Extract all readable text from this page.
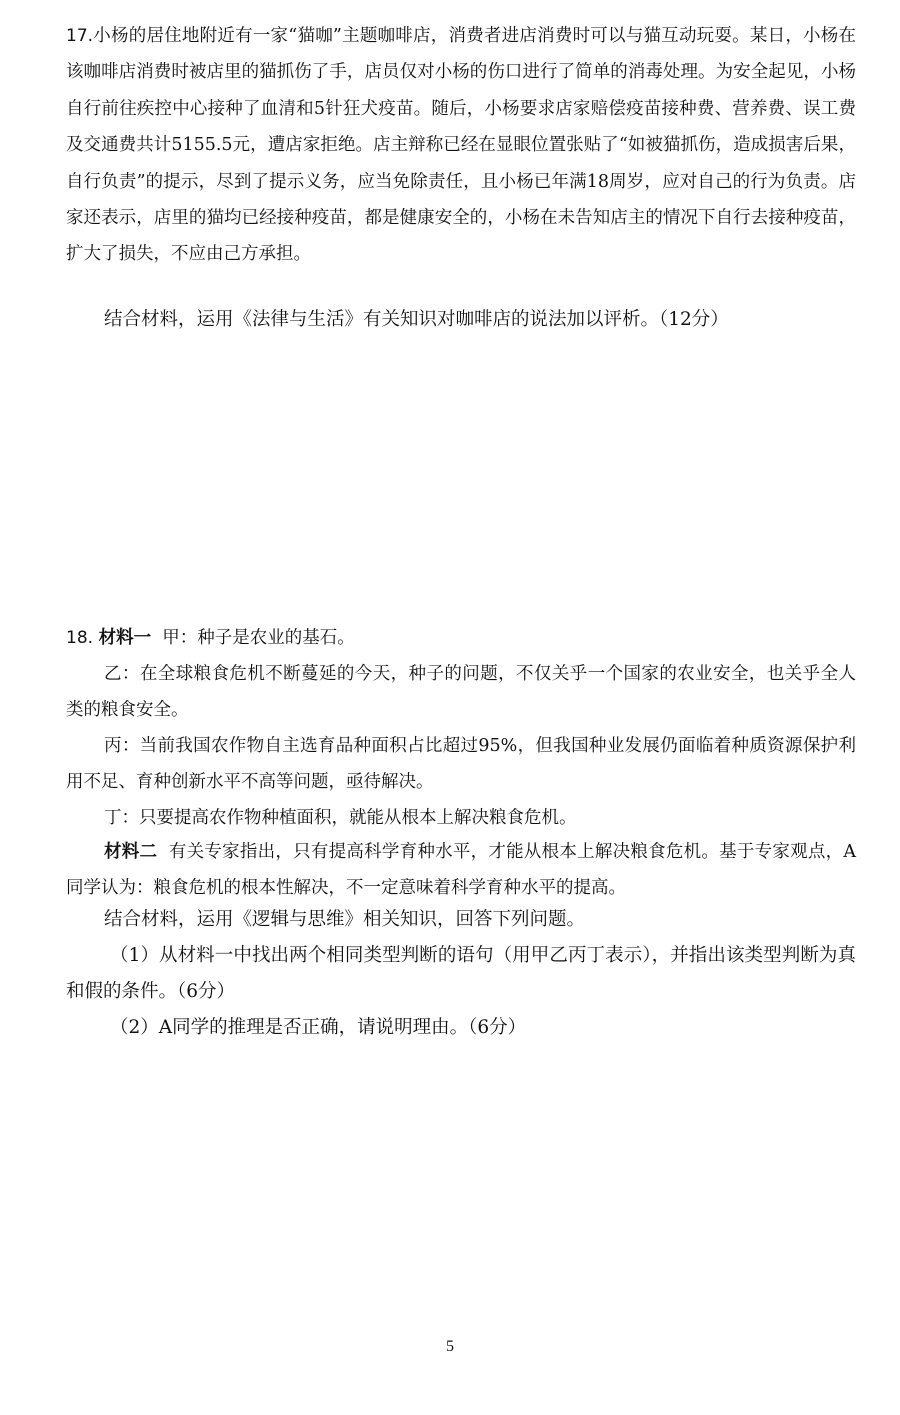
17.小杨的居住地附近有一家“猫咖”主题咖啡店，消费者进店消费时可以与猫互动玩耍。某日，小杨在该咖啡店消费时被店里的猫抓伤了手，店员仅对小杨的伤口进行了简单的消毒处理。为安全起见，小杨自行前往疾控中心接种了血清和5针狂犬疫苗。随后，小杨要求店家赔偿疫苗接种费、营养费、误工费及交通费共计5155.5元，遭店家拒绝。店主辩称已经在显眼位置张贴了“如被猫抓伤，造成损害后果，自行负责”的提示，尽到了提示义务，应当免除责任，且小杨已年满18周岁，应对自己的行为负责。店家还表示，店里的猫均已经接种疫苗，都是健康安全的，小杨在未告知店主的情况下自行去接种疫苗，扩大了损失，不应由己方承担。

结合材料，运用《法律与生活》有关知识对咖啡店的说法加以评析。（12分）

18. 材料一 甲：种子是农业的基石。

乙：在全球粮食危机不断蔓延的今天，种子的问题，不仅关乎一个国家的农业安全，也关乎全人类的粮食安全。

丙：当前我国农作物自主选育品种面积占比超过95%，但我国种业发展仍面临着种质资源保护利用不足、育种创新水平不高等问题，亟待解决。

丁：只要提高农作物种植面积，就能从根本上解决粮食危机。

材料二 有关专家指出，只有提高科学育种水平，才能从根本上解决粮食危机。基于专家观点，A同学认为：粮食危机的根本性解决，不一定意味着科学育种水平的提高。

结合材料，运用《逻辑与思维》相关知识，回答下列问题。

（1）从材料一中找出两个相同类型判断的语句（用甲乙丙丁表示），并指出该类型判断为真和假的条件。（6分）

（2）A同学的推理是否正确，请说明理由。（6分）

5
